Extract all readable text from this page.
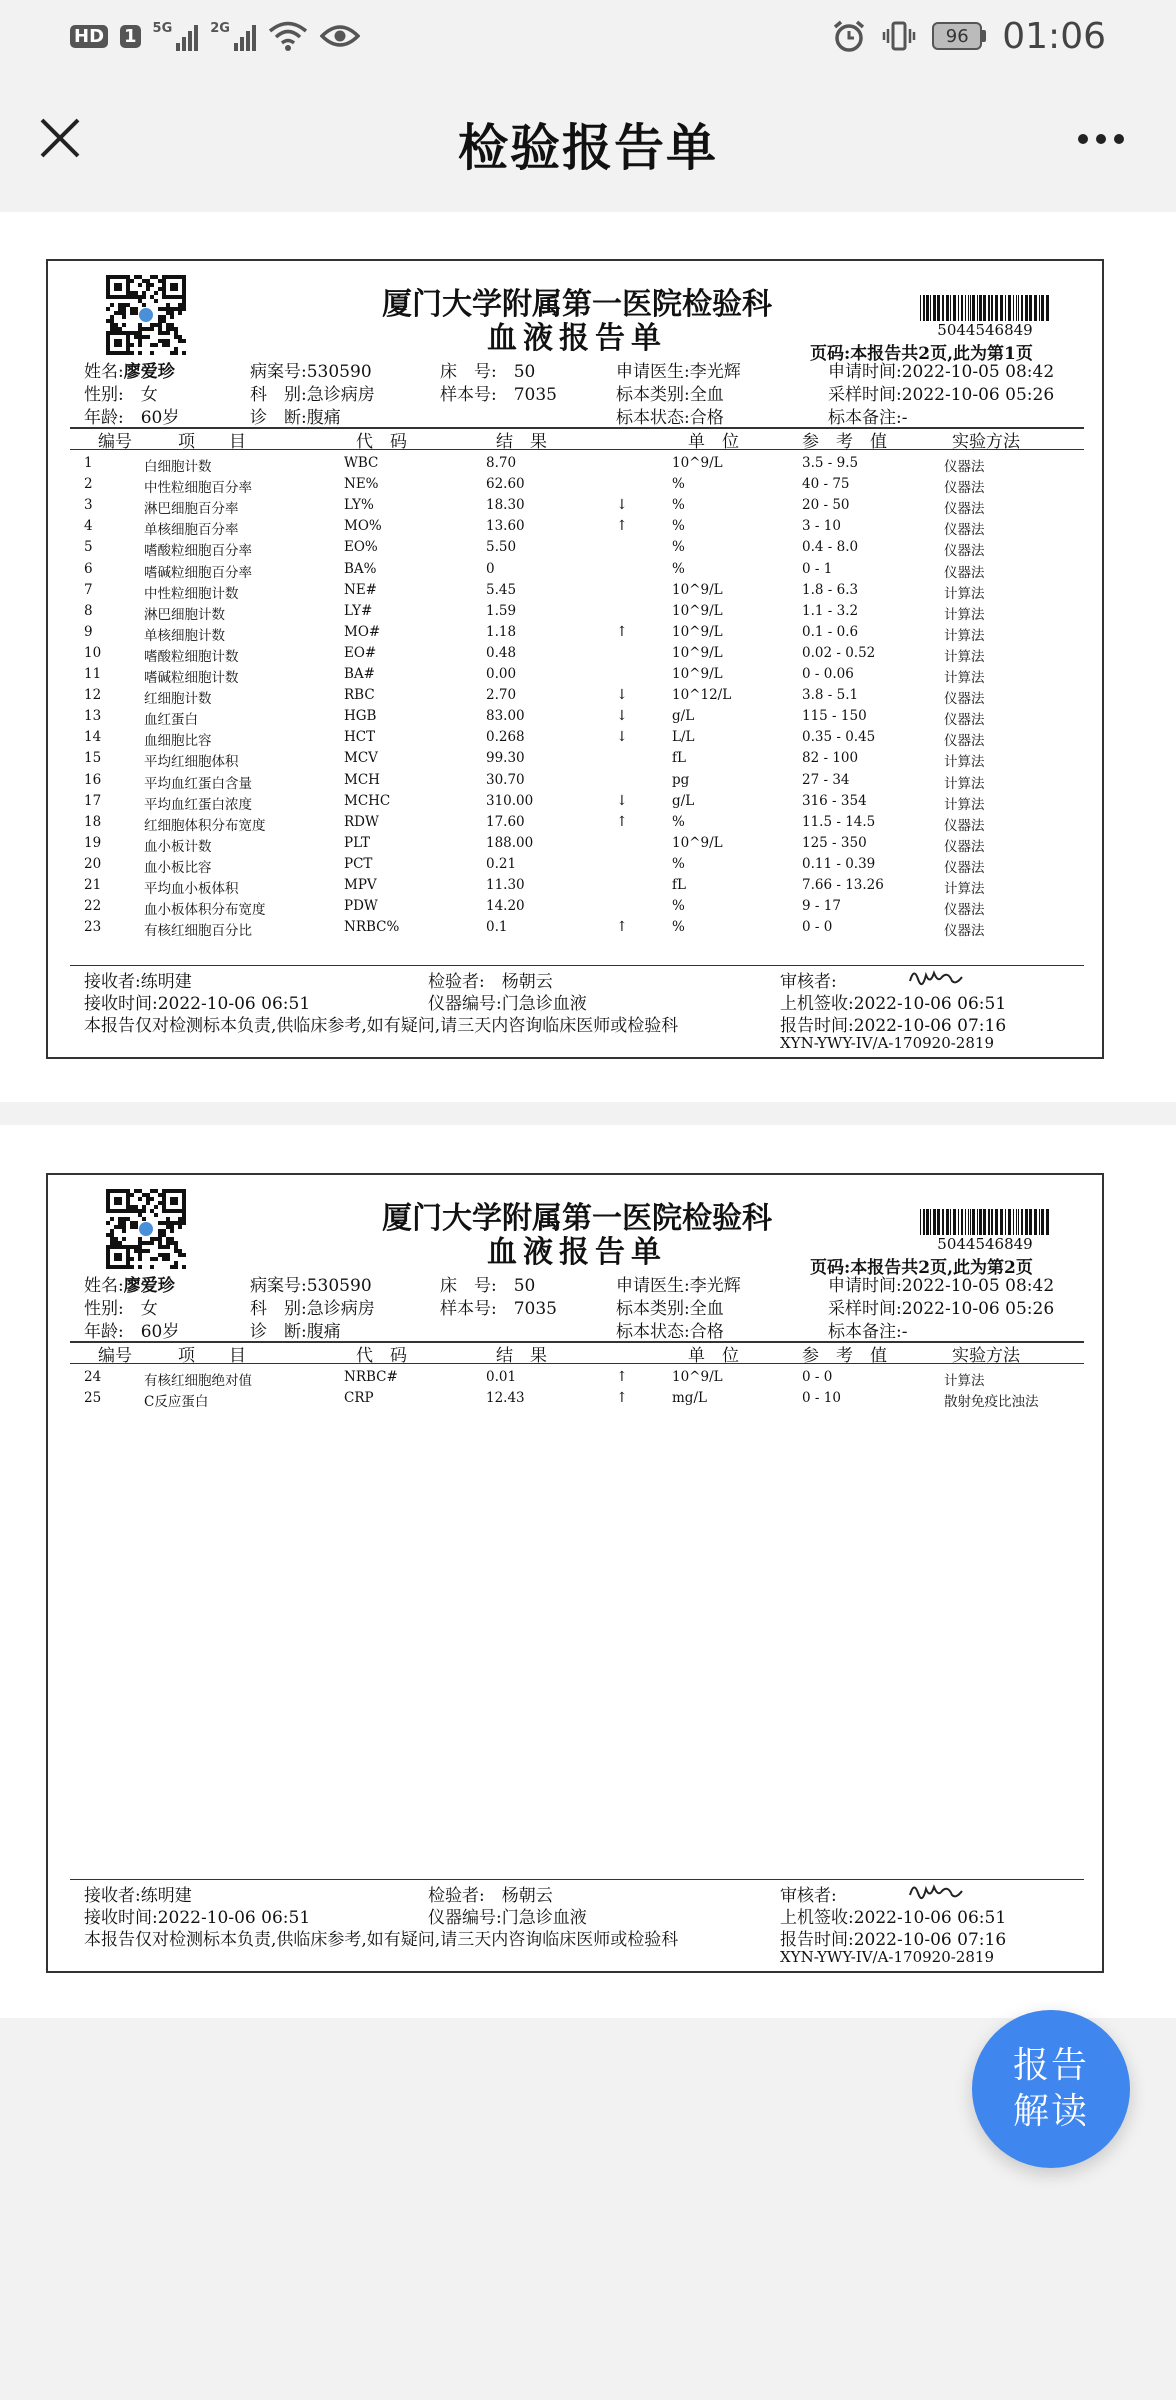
HD 1	5G	2G	96 01:06
检验报告单
厦门大学附属第一医院检验科
血液报告单	5044546849
页码:本报告共2页,此为第1页
姓名:廖爱珍
性别:　 女
年龄:　 60岁
病案号:530590
科　别:急诊病房
诊　断:腹痛
床　号:　 50
样本号:　 7035
申请医生:李光辉
标本类别:全血
标本状态:合格
申请时间:2022-10-05 08:42
采样时间:2022-10-06 05:26
标本备注:-
编号	项　　目	代　码	结　果	单　位	参　考　值	实验方法
接收者:练明建
接收时间:2022-10-06 06:51
本报告仅对检测标本负责,供临床参考,如有疑问,请三天内咨询临床医师或检验科
检验者:　 杨朝云
仪器编号:门急诊血液
审核者:
上机签收:2022-10-06 06:51
报告时间:2022-10-06 07:16
XYN-YWY-IV/A-170920-2819
1	白细胞计数	WBC	8.70	10^9/L	3.5 - 9.5	仪器法
2	中性粒细胞百分率	NE%	62.60	%	40 - 75	仪器法
3	淋巴细胞百分率	LY%	18.30	↓	%	20 - 50	仪器法
4	单核细胞百分率	MO%	13.60	↑	%	3 - 10	仪器法
5	嗜酸粒细胞百分率	EO%	5.50	%	0.4 - 8.0	仪器法
6	嗜碱粒细胞百分率	BA%	0	%	0 - 1	仪器法
7	中性粒细胞计数	NE#	5.45	10^9/L	1.8 - 6.3	计算法
8	淋巴细胞计数	LY#	1.59	10^9/L	1.1 - 3.2	计算法
9	单核细胞计数	MO#	1.18	↑	10^9/L	0.1 - 0.6	计算法
10	嗜酸粒细胞计数	EO#	0.48	10^9/L	0.02 - 0.52	计算法
11	嗜碱粒细胞计数	BA#	0.00	10^9/L	0 - 0.06	计算法
12	红细胞计数	RBC	2.70	↓	10^12/L	3.8 - 5.1	仪器法
13	血红蛋白	HGB	83.00	↓	g/L	115 - 150	仪器法
14	血细胞比容	HCT	0.268	↓	L/L	0.35 - 0.45	仪器法
15	平均红细胞体积	MCV	99.30	fL	82 - 100	计算法
16	平均血红蛋白含量	MCH	30.70	pg	27 - 34	计算法
17	平均血红蛋白浓度	MCHC	310.00	↓	g/L	316 - 354	计算法
18	红细胞体积分布宽度	RDW	17.60	↑	%	11.5 - 14.5	仪器法
19	血小板计数	PLT	188.00	10^9/L	125 - 350	仪器法
20	血小板比容	PCT	0.21	%	0.11 - 0.39	仪器法
21	平均血小板体积	MPV	11.30	fL	7.66 - 13.26	计算法
22	血小板体积分布宽度	PDW	14.20	%	9 - 17	仪器法
23	有核红细胞百分比	NRBC%	0.1	↑	%	0 - 0	仪器法
厦门大学附属第一医院检验科
血液报告单	5044546849
页码:本报告共2页,此为第2页
姓名:廖爱珍
性别:　 女
年龄:　 60岁
病案号:530590
科　别:急诊病房
诊　断:腹痛
床　号:　 50
样本号:　 7035
申请医生:李光辉
标本类别:全血
标本状态:合格
申请时间:2022-10-05 08:42
采样时间:2022-10-06 05:26
标本备注:-
编号	项　　目	代　码	结　果	单　位	参　考　值	实验方法
接收者:练明建
接收时间:2022-10-06 06:51
本报告仅对检测标本负责,供临床参考,如有疑问,请三天内咨询临床医师或检验科
检验者:　 杨朝云
仪器编号:门急诊血液
审核者:
上机签收:2022-10-06 06:51
报告时间:2022-10-06 07:16
XYN-YWY-IV/A-170920-2819
24	有核红细胞绝对值	NRBC#	0.01	↑	10^9/L	0 - 0	计算法
25	C反应蛋白	CRP	12.43	↑	mg/L	0 - 10	散射免疫比浊法
报告
解读
